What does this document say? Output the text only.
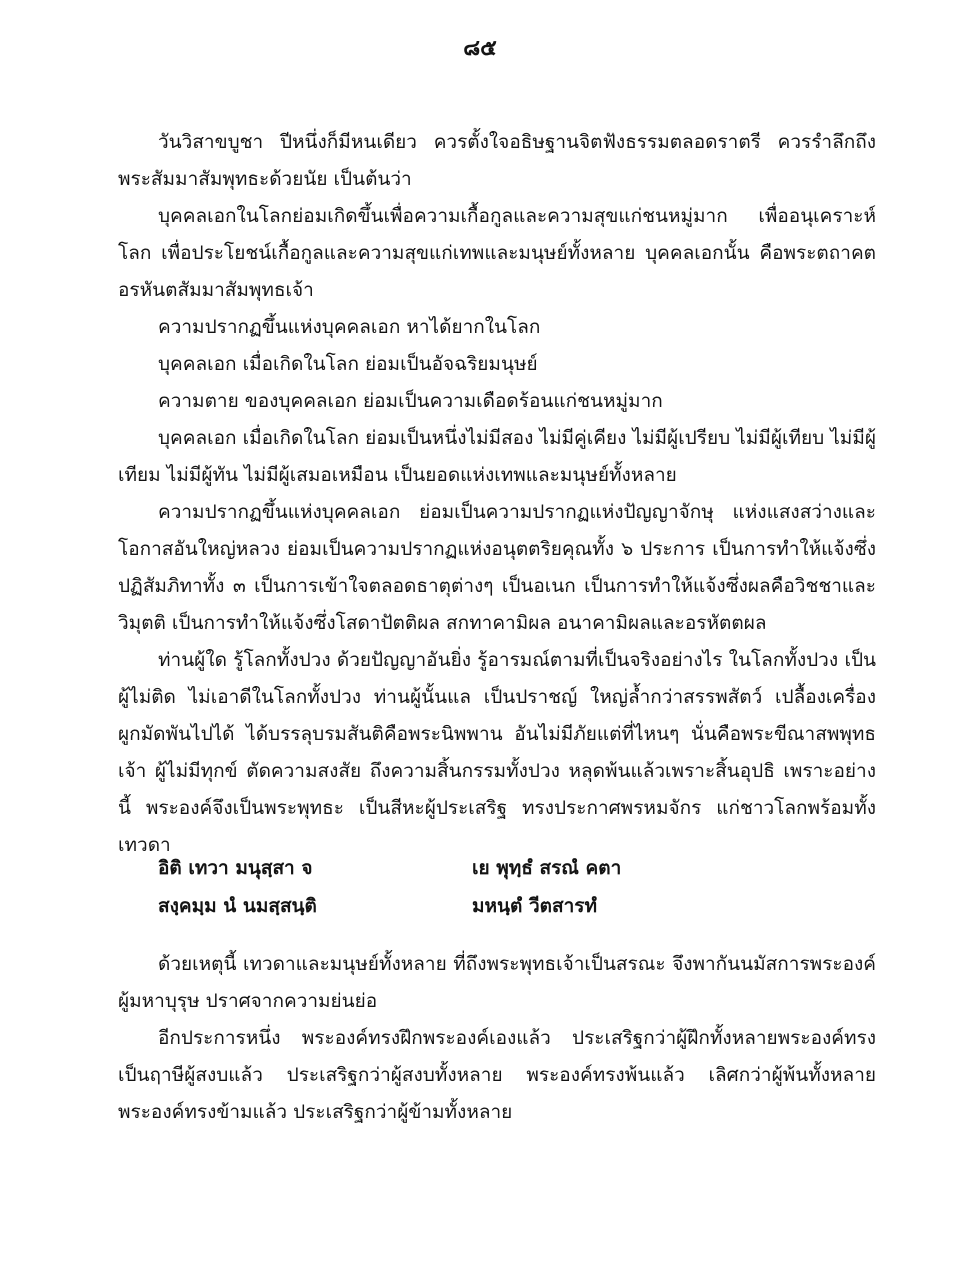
๘๕

วันวิสาขบูชา ปีหนึ่งก็มีหนเดียว ควรตั้งใจอธิษฐานจิตฟังธรรมตลอดราตรี ควรรำลึกถึงพระสัมมาสัมพุทธะด้วยนัย เป็นต้นว่า

บุคคลเอกในโลกย่อมเกิดขึ้นเพื่อความเกื้อกูลและความสุขแก่ชนหมู่มาก เพื่ออนุเคราะห์โลก เพื่อประโยชน์เกื้อกูลและความสุขแก่เทพและมนุษย์ทั้งหลาย บุคคลเอกนั้น คือพระตถาคตอรหันตสัมมาสัมพุทธเจ้า

ความปรากฏขึ้นแห่งบุคคลเอก หาได้ยากในโลก
บุคคลเอก เมื่อเกิดในโลก ย่อมเป็นอัจฉริยมนุษย์
ความตาย ของบุคคลเอก ย่อมเป็นความเดือดร้อนแก่ชนหมู่มาก

บุคคลเอก เมื่อเกิดในโลก ย่อมเป็นหนึ่งไม่มีสอง ไม่มีคู่เคียง ไม่มีผู้เปรียบ ไม่มีผู้เทียบ ไม่มีผู้เทียม ไม่มีผู้ทัน ไม่มีผู้เสมอเหมือน เป็นยอดแห่งเทพและมนุษย์ทั้งหลาย

ความปรากฏขึ้นแห่งบุคคลเอก ย่อมเป็นความปรากฏแห่งปัญญาจักษุ แห่งแสงสว่างและโอกาสอันใหญ่หลวง ย่อมเป็นความปรากฏแห่งอนุตตริยคุณทั้ง ๖ ประการ เป็นการทำให้แจ้งซึ่งปฏิสัมภิทาทั้ง ๓ เป็นการเข้าใจตลอดธาตุต่างๆ เป็นอเนก เป็นการทำให้แจ้งซึ่งผลคือวิชชาและวิมุตติ เป็นการทำให้แจ้งซึ่งโสดาปัตติผล สกทาคามิผล อนาคามิผลและอรหัตตผล

ท่านผู้ใด รู้โลกทั้งปวง ด้วยปัญญาอันยิ่ง รู้อารมณ์ตามที่เป็นจริงอย่างไร ในโลกทั้งปวง เป็นผู้ไม่ติด ไม่เอาดีในโลกทั้งปวง ท่านผู้นั้นแล เป็นปราชญ์ ใหญ่ล้ำกว่าสรรพสัตว์ เปลื้องเครื่องผูกมัดพันไปได้ ได้บรรลุบรมสันติคือพระนิพพาน อันไม่มีภัยแต่ที่ไหนๆ นั่นคือพระขีณาสพพุทธเจ้า ผู้ไม่มีทุกข์ ตัดความสงสัย ถึงความสิ้นกรรมทั้งปวง หลุดพ้นแล้วเพราะสิ้นอุปธิ เพราะอย่างนี้ พระองค์จึงเป็นพระพุทธะ เป็นสีหะผู้ประเสริฐ ทรงประกาศพรหมจักร แก่ชาวโลกพร้อมทั้งเทวดา

อิติ เทวา มนุสฺสา จ	เย พุทฺธํ สรณํ คตา
สงฺคมฺม นํ นมสฺสนฺติ	มหนฺตํ วีตสารทํ

ด้วยเหตุนี้ เทวดาและมนุษย์ทั้งหลาย ที่ถึงพระพุทธเจ้าเป็นสรณะ จึงพากันนมัสการพระองค์ผู้มหาบุรุษ ปราศจากความย่นย่อ

อีกประการหนึ่ง พระองค์ทรงฝึกพระองค์เองแล้ว ประเสริฐกว่าผู้ฝึกทั้งหลายพระองค์ทรงเป็นฤาษีผู้สงบแล้ว ประเสริฐกว่าผู้สงบทั้งหลาย พระองค์ทรงพ้นแล้ว เลิศกว่าผู้พ้นทั้งหลาย พระองค์ทรงข้ามแล้ว ประเสริฐกว่าผู้ข้ามทั้งหลาย
